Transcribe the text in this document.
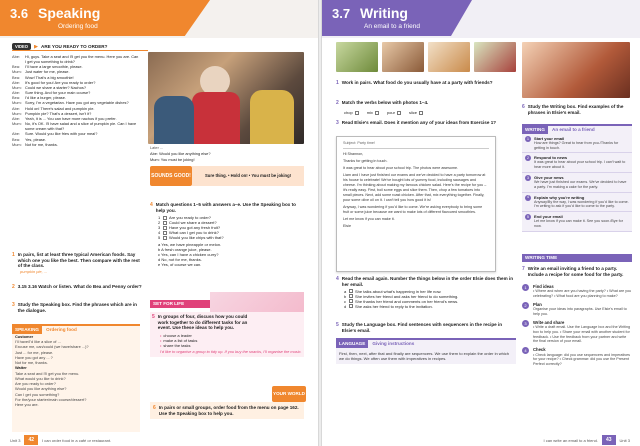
3.6 Speaking
Ordering food
VIDEO	ARE YOU READY TO ORDER?
Abe:	Hi, guys. Take a seat and I'll get you the menu. Here you are. Can I get you something to drink?
Bea:	I'll have a large smoothie, please.
Mum: Just water for me, please.
Bea:	Wow! That's a big smoothie!
Abe:	It's good for you! Are you ready to order?
Mum: Could we share a starter? Nachos?
Abe:	Sure thing. And for your main course?
Bea:	I'd like a burger, please.
Mum: Sorry, I'm a vegetarian. Have you got any vegetable dishes?
Abe:	Hold on! There's salad and pumpkin pie.
Mum: Pumpkin pie? That's a dessert, isn't it?
Abe:	Yeah, it is ... You can have more nachos if you prefer.
Mum: No, it's OK. I'll have salad and a slice of pumpkin pie. Can I have some cream with that?
Abe:	Sure. Would you like fries with your meal?
Bea:	Yes, please.
Mum: Not for me, thanks.
Later ...
Abe: Would you like anything else?
Mum: You must be joking!
SOUNDS GOOD!	Sure thing. • Hold on! • You must be joking!
1 In pairs, list at least three typical American foods. Say which one you like the best. Then compare with the rest of the class.
pumpkin pie, ...
2 3.15 3.16 Watch or listen. What do Bea and Penny order?
3 Study the Speaking box. Find the phrases which are in the dialogue.
SPEAKING Ordering food
Customer
I'll have/I'd like a slice of ...
Excuse me, can/could (we have/share ...)?
Just ... for me, please.
Have you got any ... ?
Not for me, thanks.
Waiter
Take a seat and I'll get you the menu.
What would you like to drink?
Are you ready to order?
Would you like anything else?
Can I get you something?
For the/your starter/main course/dessert?
Here you are.
4 Match questions 1–5 with answers a–e. Use the Speaking box to help you.
1	Are you ready to order?
2	Could we share a dessert?
3	Have you got any fresh fruit?
4	What can I get you to drink?
5	Would you like chips with that?
a Yes, we have pineapple or melon.
b A fresh orange juice, please.
c Yes, can I have a chicken curry?
d No, not for me, thanks.
e Yes, of course we can.
SET FOR LIFE
5 In groups of four, discuss how you could work together to do different tasks for an event. Use these ideas to help you.
• choose a leader
• make a list of tasks
• share the tasks
I'd like to organise a group to tidy up. If you buy the snacks, I'll organise the music.
YOUR WORLD
6 In pairs or small groups, order food from the menu on page 162. Use the Speaking box to help you.
Unit 3	42	I can order food in a café or restaurant.
3.7 Writing
An email to a friend
1 Work in pairs. What food do you usually have at a party with friends?
2 Match the verbs below with photos 1–4.
chop	mix	pour	slice
3 Read Elsie's email. Does it mention any of your ideas from Exercise 1?
Subject: Party time!

Hi Shannon,

Thanks for getting in touch.

It was great to hear about your school trip. The photos were awesome.

Liam and I have just finished our exams and we've decided to have a party tomorrow at his house to celebrate! We've bought lots of yummy food, including sausages and cheese. I'm thinking about making my famous chicken salad. Here's the recipe for you – it's really easy. First, boil some eggs and slice them. Then, chop a few tomatoes into small pieces. Next, add some roast chicken. After that, mix everything together. Finally, pour some olive oil on it. I can't tell you how good it is!

Anyway, I was wondering if you'd like to come. We're asking everybody to bring some fruit or some juice because we want to make lots of different flavoured smoothies.

Let me know if you can make it.

Elsie

4 Read the email again. Number the things below in the order Elsie does them in her email.
a	She talks about what's happening in her life now.
b	She invites her friend and asks her friend to do something.
c	She thanks her friend and comments on her friend's news.
d	She asks her friend to reply to the invitation.
5 Study the Language box. Find sentences with sequencers in the recipe in Elsie's email.
LANGUAGE Giving instructions
First, then, next, after that and finally are sequencers. We use them to explain the order in which we do things. We often use them with imperatives in recipes.
6 Study the Writing box. Find examples of the phrases in Elsie's email.
WRITING An email to a friend
1	Start your email
How are things? Great to hear from you./Thanks for getting in touch.
2	Respond to news
It was great to hear about your school trip. I can't wait to hear more about it.
3	Give your news
We have just finished our exams. We've decided to have a party. I'm making a cake for the party.
4	Explain why you're writing
Anyway/By the way, I was wondering if you'd like to come. I'm writing to ask if you'd like to come to the party.
5	End your email
Let me know if you can make it. See you soon./Bye for now.
WRITING TIME
7 Write an email inviting a friend to a party. Include a recipe for some food for the party.
1	Find ideas
• Where and when are you having the party? • What are you celebrating? • What food are you planning to make?
2	Plan
Organise your ideas into paragraphs. Use Elsie's email to help you.
3	Write and share
• Write a draft email. Use the Language box and the Writing box to help you. • Share your email with another student for feedback. • Use the feedback from your partner and write the final version of your email.
4	Check
• Check language: did you use sequencers and imperatives for your recipe? • Check grammar: did you use the Present Perfect correctly?
I can write an email to a friend.	43	Unit 3
